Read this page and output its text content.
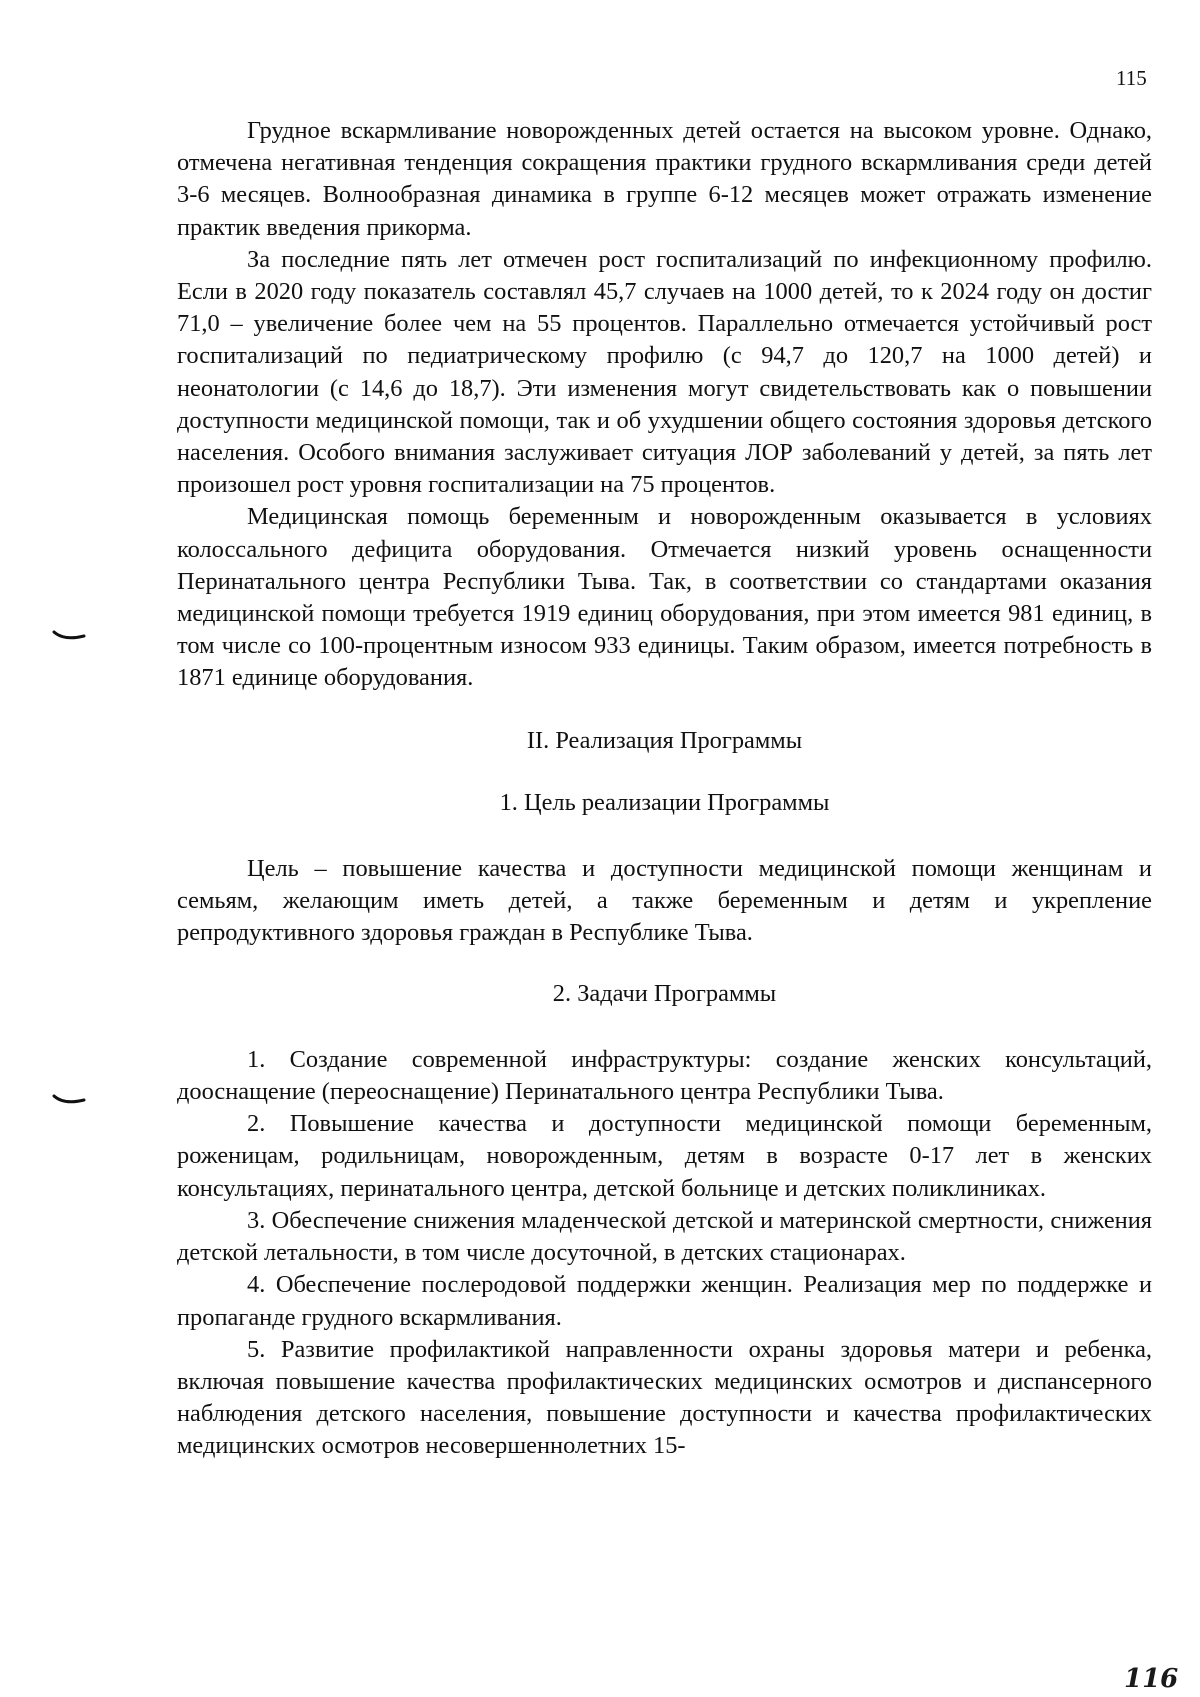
115

Грудное вскармливание новорожденных детей остается на высоком уровне. Однако, отмечена негативная тенденция сокращения практики грудного вскармливания среди детей 3-6 месяцев. Волнообразная динамика в группе 6-12 месяцев может отражать изменение практик введения прикорма.

За последние пять лет отмечен рост госпитализаций по инфекционному профилю. Если в 2020 году показатель составлял 45,7 случаев на 1000 детей, то к 2024 году он достиг 71,0 – увеличение более чем на 55 процентов. Параллельно отмечается устойчивый рост госпитализаций по педиатрическому профилю (с 94,7 до 120,7 на 1000 детей) и неонатологии (с 14,6 до 18,7). Эти изменения могут свидетельствовать как о повышении доступности медицинской помощи, так и об ухудшении общего состояния здоровья детского населения. Особого внимания заслуживает ситуация ЛОР заболеваний у детей, за пять лет произошел рост уровня госпитализации на 75 процентов.

Медицинская помощь беременным и новорожденным оказывается в условиях колоссального дефицита оборудования. Отмечается низкий уровень оснащенности Перинатального центра Республики Тыва. Так, в соответствии со стандартами оказания медицинской помощи требуется 1919 единиц оборудования, при этом имеется 981 единиц, в том числе со 100-процентным износом 933 единицы. Таким образом, имеется потребность в 1871 единице оборудования.

II. Реализация Программы

1. Цель реализации Программы

Цель – повышение качества и доступности медицинской помощи женщинам и семьям, желающим иметь детей, а также беременным и детям и укрепление репродуктивного здоровья граждан в Республике Тыва.

2. Задачи Программы

1. Создание современной инфраструктуры: создание женских консультаций, дооснащение (переоснащение) Перинатального центра Республики Тыва.

2. Повышение качества и доступности медицинской помощи беременным, роженицам, родильницам, новорожденным, детям в возрасте 0-17 лет в женских консультациях, перинатального центра, детской больнице и детских поликлиниках.

3. Обеспечение снижения младенческой детской и материнской смертности, снижения детской летальности, в том числе досуточной, в детских стационарах.

4. Обеспечение послеродовой поддержки женщин. Реализация мер по поддержке и пропаганде грудного вскармливания.

5. Развитие профилактикой направленности охраны здоровья матери и ребенка, включая повышение качества профилактических медицинских осмотров и диспансерного наблюдения детского населения, повышение доступности и качества профилактических медицинских осмотров несовершеннолетних 15-

116
